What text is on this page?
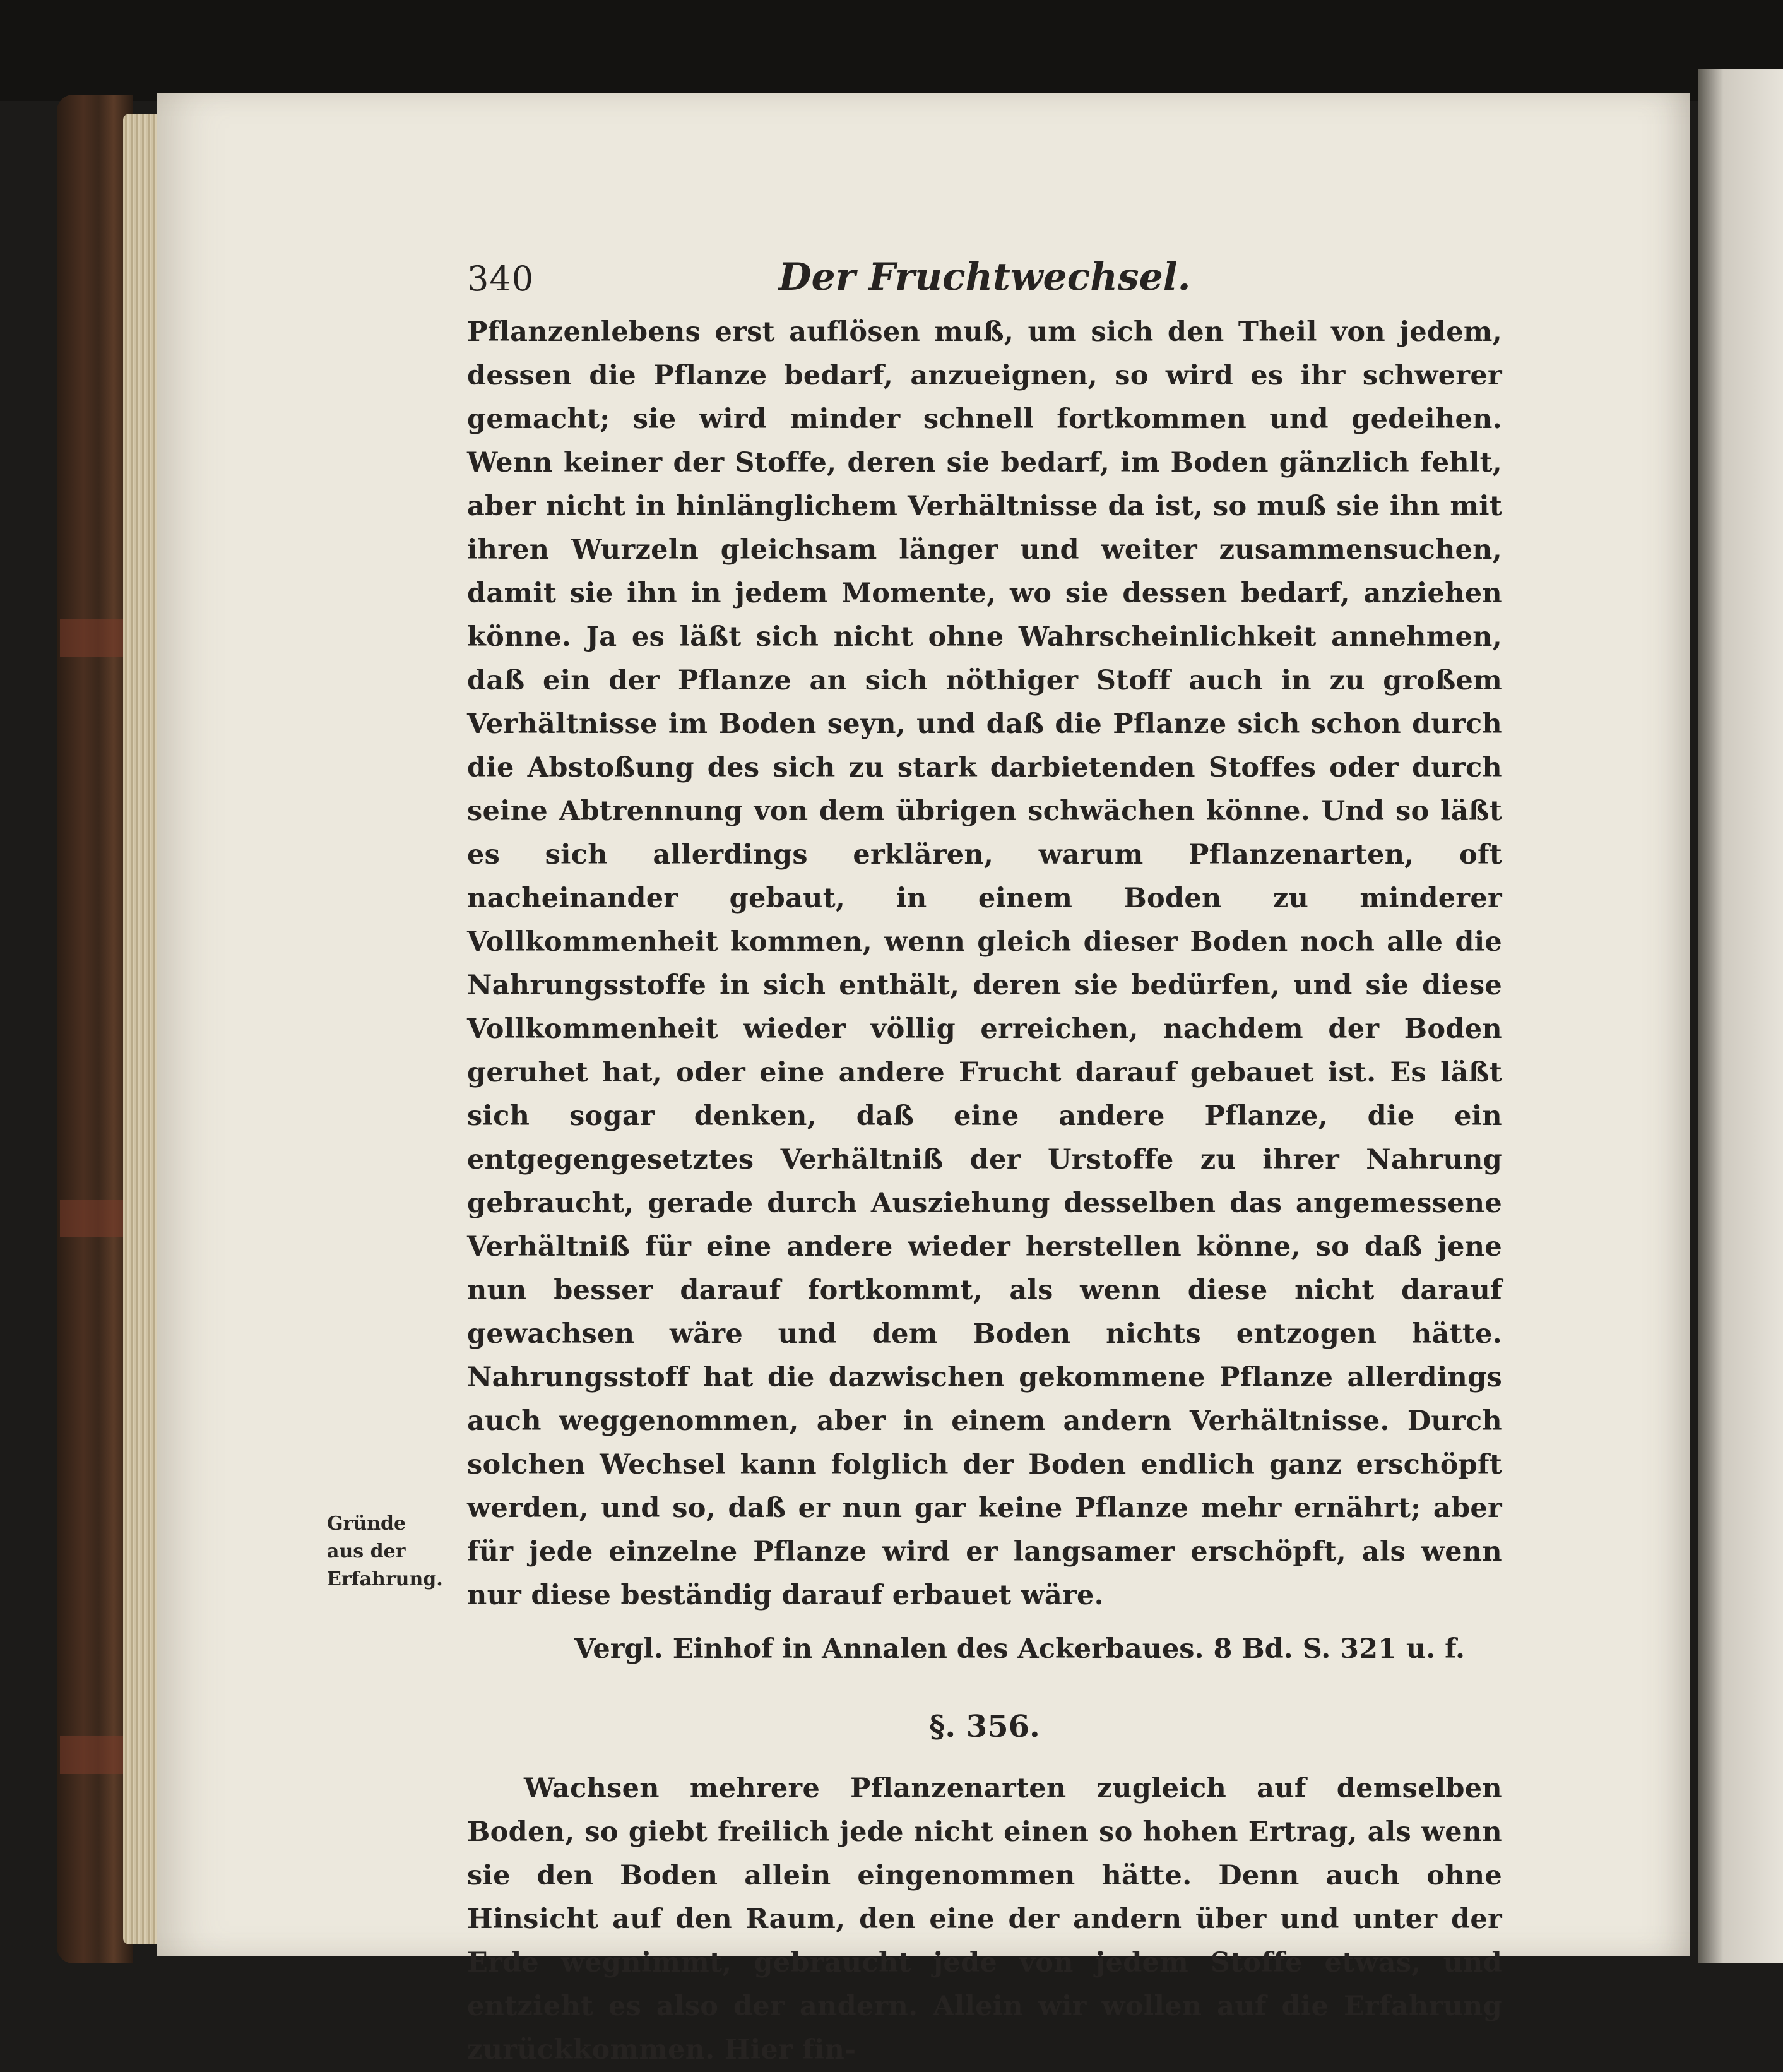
Gründe aus der Erfahrung.
340	Der Fruchtwechsel.

Pflanzenlebens erst auflösen muß, um sich den Theil von jedem, dessen die Pflanze bedarf, anzueignen, so wird es ihr schwerer gemacht; sie wird minder schnell fortkommen und gedeihen. Wenn keiner der Stoffe, deren sie bedarf, im Boden gänzlich fehlt, aber nicht in hinlänglichem Verhältnisse da ist, so muß sie ihn mit ihren Wurzeln gleichsam länger und weiter zusammensuchen, damit sie ihn in jedem Momente, wo sie dessen bedarf, anziehen könne. Ja es läßt sich nicht ohne Wahrscheinlichkeit annehmen, daß ein der Pflanze an sich nöthiger Stoff auch in zu großem Verhältnisse im Boden seyn, und daß die Pflanze sich schon durch die Abstoßung des sich zu stark darbietenden Stoffes oder durch seine Abtrennung von dem übrigen schwächen könne. Und so läßt es sich allerdings erklären, warum Pflanzenarten, oft nacheinander gebaut, in einem Boden zu minderer Vollkommenheit kommen, wenn gleich dieser Boden noch alle die Nahrungsstoffe in sich enthält, deren sie bedürfen, und sie diese Vollkommenheit wieder völlig erreichen, nachdem der Boden geruhet hat, oder eine andere Frucht darauf gebauet ist. Es läßt sich sogar denken, daß eine andere Pflanze, die ein entgegengesetztes Verhältniß der Urstoffe zu ihrer Nahrung gebraucht, gerade durch Ausziehung desselben das angemessene Verhältniß für eine andere wieder herstellen könne, so daß jene nun besser darauf fortkommt, als wenn diese nicht darauf gewachsen wäre und dem Boden nichts entzogen hätte. Nahrungsstoff hat die dazwischen gekommene Pflanze allerdings auch weggenommen, aber in einem andern Verhältnisse. Durch solchen Wechsel kann folglich der Boden endlich ganz erschöpft werden, und so, daß er nun gar keine Pflanze mehr ernährt; aber für jede einzelne Pflanze wird er langsamer erschöpft, als wenn nur diese beständig darauf erbauet wäre.

Vergl. Einhof in Annalen des Ackerbaues. 8 Bd. S. 321 u. f.
§. 356.

Wachsen mehrere Pflanzenarten zugleich auf demselben Boden, so giebt freilich jede nicht einen so hohen Ertrag, als wenn sie den Boden allein eingenommen hätte. Denn auch ohne Hinsicht auf den Raum, den eine der andern über und unter der Erde wegnimmt, gebraucht jede von jedem Stoffe etwas, und entzieht es also der andern. Allein wir wollen auf die Erfahrung zurückkommen. Hier fin-
